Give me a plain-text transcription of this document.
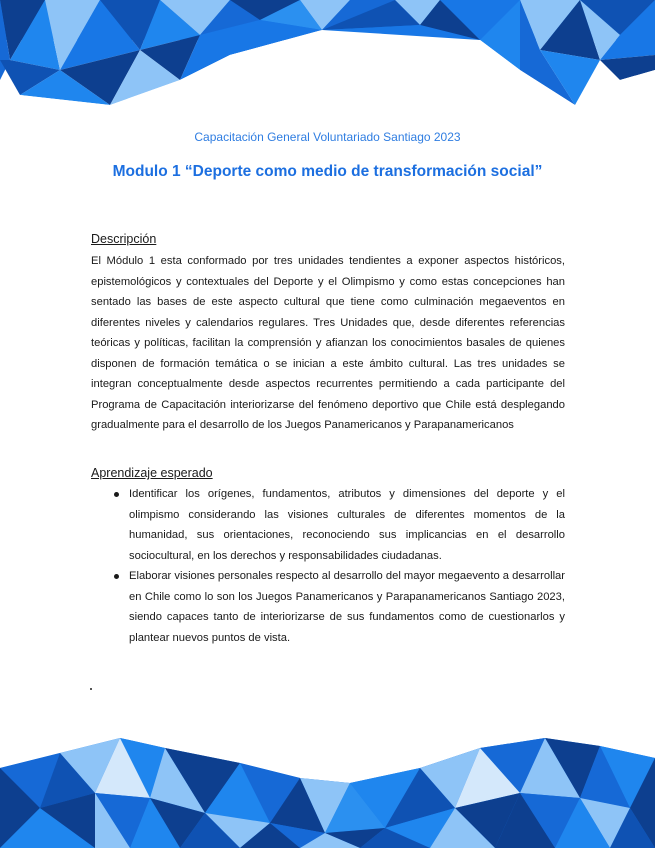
Capacitación General Voluntariado Santiago 2023
Modulo 1 “Deporte como medio de transformación social”
Descripción
El Módulo 1 esta conformado por tres unidades tendientes a exponer aspectos históricos, epistemológicos y contextuales del Deporte y el Olimpismo y como estas concepciones han sentado las bases de este aspecto cultural que tiene como culminación megaeventos en diferentes niveles y calendarios regulares. Tres Unidades que, desde diferentes referencias teóricas y políticas, facilitan la comprensión y afianzan los conocimientos basales de quienes disponen de formación temática o se inician a este ámbito cultural. Las tres unidades se integran conceptualmente desde aspectos recurrentes permitiendo a cada participante del Programa de Capacitación interiorizarse del fenómeno deportivo que Chile está desplegando gradualmente para el desarrollo de los Juegos Panamericanos y Parapanamericanos
Aprendizaje esperado
Identificar los orígenes, fundamentos, atributos y dimensiones del deporte y el olimpismo considerando las visiones culturales de diferentes momentos de la humanidad, sus orientaciones, reconociendo sus implicancias en el desarrollo sociocultural, en los derechos y responsabilidades ciudadanas.
Elaborar visiones personales respecto al desarrollo del mayor megaevento a desarrollar en Chile como lo son los Juegos Panamericanos y Parapanamericanos Santiago 2023, siendo capaces tanto de interiorizarse de sus fundamentos como de cuestionarlos y plantear nuevos puntos de vista.
